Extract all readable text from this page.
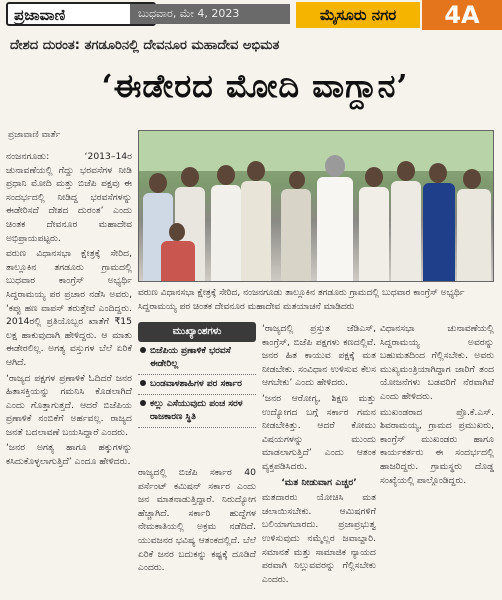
ಪ್ರಜಾವಾಣಿ	ಬುಧವಾರ, ಮೇ 4, 2023	ಮೈಸೂರು ನಗರ	4A
ದೇಶದ ದುರಂತ: ತಗಡೂರಿನಲ್ಲಿ ದೇವನೂರ ಮಹಾದೇವ ಅಭಿಮತ
‘ಈಡೇರದ ಮೋದಿ ವಾಗ್ದಾನ’
ಪ್ರಜಾವಾಣಿ ವಾರ್ತೆ

ನಂಜನಗೂಡು: ‘2013–14ರ ಚುನಾವಣೆಯಲ್ಲಿ ಗೆದ್ದು ಭರವಸೆಗಳ ನೀಡಿ ಪ್ರಧಾನಿ ಮೋದಿ ಮತ್ತು ಬಿಜೆಪಿ ಪಕ್ಷವು ಈ ಸಂದರ್ಭದಲ್ಲಿ ನೀಡಿದ್ದ ಭರವಸೆಗಳನ್ನು ಈಡೇರಿಸದೆ ದೇಶದ ದುರಂತ’ ಎಂದು ಚಿಂತಕ ದೇವನೂರ ಮಹಾದೇವ ಅಭಿಪ್ರಾಯಪಟ್ಟರು.

ವರುಣ ವಿಧಾನಸಭಾ ಕ್ಷೇತ್ರಕ್ಕೆ ಸೇರಿದ, ತಾಲ್ಲೂಕಿನ ತಗಡೂರು ಗ್ರಾಮದಲ್ಲಿ ಬುಧವಾರ ಕಾಂಗ್ರೆಸ್ ಅಭ್ಯರ್ಥಿ ಸಿದ್ದರಾಮಯ್ಯ ಪರ ಪ್ರಚಾರ ನಡೆಸಿ ಅವರು, ‘ಕಪ್ಪು ಹಣ ವಾಪಸ್ ತರುತ್ತೇವೆ ಎಂದಿದ್ದರು. 2014ರಲ್ಲಿ ಪ್ರತಿಯೊಬ್ಬರ ಖಾತೆಗೆ ₹15 ಲಕ್ಷ ಹಾಕುವುದಾಗಿ ಹೇಳಿದ್ದರು. ಆ ಮಾತು ಈಡೇರಲಿಲ್ಲ. ಅಗತ್ಯ ವಸ್ತುಗಳ ಬೆಲೆ ಏರಿಕೆ ಆಗಿದೆ.

‘ರಾಜ್ಯದ ಪಕ್ಷಗಳ ಪ್ರಣಾಳಿಕೆ ಓದಿದರೆ ಜನರ ಹಿತಾಸಕ್ತಿಯನ್ನು ಗಮನಿಸಿ ಕೊಡಲಾಗಿದೆ ಎಂದು ಗೊತ್ತಾಗುತ್ತದೆ. ಆದರೆ ಬಿಜೆಪಿಯ ಪ್ರಣಾಳಿಕೆ ನಂಬಿಕೆಗೆ ಅರ್ಹವಲ್ಲ. ರಾಜ್ಯದ ಜನತೆ ಬದಲಾವಣೆ ಬಯಸಿದ್ದಾರೆ ಎಂದರು.

‘ಜನರ ಅಗತ್ಯ ಹಾಗೂ ಹಕ್ಕುಗಳನ್ನು ಕಸಿದುಕೊಳ್ಳಲಾಗುತ್ತಿದೆ’ ಎಂದೂ ಹೇಳಿದರು.

ವರುಣ ವಿಧಾನಸಭಾ ಕ್ಷೇತ್ರಕ್ಕೆ ಸೇರಿದ, ನಂಜನಗೂಡು ತಾಲ್ಲೂಕಿನ ತಗಡೂರು ಗ್ರಾಮದಲ್ಲಿ ಬುಧವಾರ ಕಾಂಗ್ರೆಸ್ ಅಭ್ಯರ್ಥಿ ಸಿದ್ದರಾಮಯ್ಯ ಪರ ಚಿಂತಕ ದೇವನೂರ ಮಹಾದೇವ ಮತಯಾಚನೆ ಮಾಡಿದರು
ಮುಖ್ಯಾಂಶಗಳು
ಬಿಜೆಪಿಯ ಪ್ರಣಾಳಿಕೆ ಭರವಸೆ ಈಡೇರಿಲ್ಲ
ಬಂಡವಾಳಶಾಹಿಗಳ ಪರ ಸರ್ಕಾರ
ಕಲ್ಲು ಎಸೆಯುವುದು ಪಂಚ ಸರಳ ರಾಜಕಾರಣ ಸ್ಥಿತಿ

ರಾಜ್ಯದಲ್ಲಿ ಬಿಜೆಪಿ ಸರ್ಕಾರ 40 ಪರ್ಸೆಂಟ್ ಕಮಿಷನ್ ಸರ್ಕಾರ ಎಂದು ಜನ ಮಾತನಾಡುತ್ತಿದ್ದಾರೆ. ನಿರುದ್ಯೋಗ ಹೆಚ್ಚಾಗಿದೆ. ಸರ್ಕಾರಿ ಹುದ್ದೆಗಳ ನೇಮಕಾತಿಯಲ್ಲಿ ಅಕ್ರಮ ನಡೆದಿದೆ. ಯುವಜನರ ಭವಿಷ್ಯ ಆತಂಕದಲ್ಲಿದೆ. ಬೆಲೆ ಏರಿಕೆ ಜನರ ಬದುಕನ್ನು ಕಷ್ಟಕ್ಕೆ ದೂಡಿದೆ ಎಂದರು.

‘ರಾಜ್ಯದಲ್ಲಿ ಪ್ರಸ್ತುತ ಜೆಡಿಎಸ್, ಕಾಂಗ್ರೆಸ್, ಬಿಜೆಪಿ ಪಕ್ಷಗಳು ಕಣದಲ್ಲಿವೆ. ಜನರ ಹಿತ ಕಾಯುವ ಪಕ್ಷಕ್ಕೆ ಮತ ನೀಡಬೇಕು. ಸಂವಿಧಾನ ಉಳಿಸುವ ಕೆಲಸ ಆಗಬೇಕು’ ಎಂದು ಹೇಳಿದರು.

‘ಜನರ ಆರೋಗ್ಯ, ಶಿಕ್ಷಣ ಮತ್ತು ಉದ್ಯೋಗದ ಬಗ್ಗೆ ಸರ್ಕಾರ ಗಮನ ನೀಡಬೇಕಿತ್ತು. ಆದರೆ ಕೋಮು ವಿಷಯಗಳನ್ನು ಮುಂದು ಮಾಡಲಾಗುತ್ತಿದೆ’ ಎಂದು ಆತಂಕ ವ್ಯಕ್ತಪಡಿಸಿದರು.

‘ಮತ ನೀಡುವಾಗ ಎಚ್ಚರ’

ಮತದಾರರು ಯೋಚಿಸಿ ಮತ ಚಲಾಯಿಸಬೇಕು. ಆಮಿಷಗಳಿಗೆ ಬಲಿಯಾಗಬಾರದು. ಪ್ರಜಾಪ್ರಭುತ್ವ ಉಳಿಸುವುದು ನಮ್ಮೆಲ್ಲರ ಜವಾಬ್ದಾರಿ. ಸಮಾನತೆ ಮತ್ತು ಸಾಮಾಜಿಕ ನ್ಯಾಯದ ಪರವಾಗಿ ನಿಲ್ಲುವವರನ್ನು ಗೆಲ್ಲಿಸಬೇಕು ಎಂದರು.

ವಿಧಾನಸಭಾ ಚುನಾವಣೆಯಲ್ಲಿ ಸಿದ್ದರಾಮಯ್ಯ ಅವರನ್ನು ಬಹುಮತದಿಂದ ಗೆಲ್ಲಿಸಬೇಕು. ಅವರು ಮುಖ್ಯಮಂತ್ರಿಯಾಗಿದ್ದಾಗ ಜಾರಿಗೆ ತಂದ ಯೋಜನೆಗಳು ಬಡವರಿಗೆ ನೆರವಾಗಿವೆ ಎಂದು ಹೇಳಿದರು.

ಮುಖಂಡರಾದ ಪ್ರೊ.ಕೆ.ಎಸ್. ಶಿವರಾಮಯ್ಯ, ಗ್ರಾಮದ ಪ್ರಮುಖರು, ಕಾಂಗ್ರೆಸ್ ಮುಖಂಡರು ಹಾಗೂ ಕಾರ್ಯಕರ್ತರು ಈ ಸಂದರ್ಭದಲ್ಲಿ ಹಾಜರಿದ್ದರು. ಗ್ರಾಮಸ್ಥರು ದೊಡ್ಡ ಸಂಖ್ಯೆಯಲ್ಲಿ ಪಾಲ್ಗೊಂಡಿದ್ದರು.
